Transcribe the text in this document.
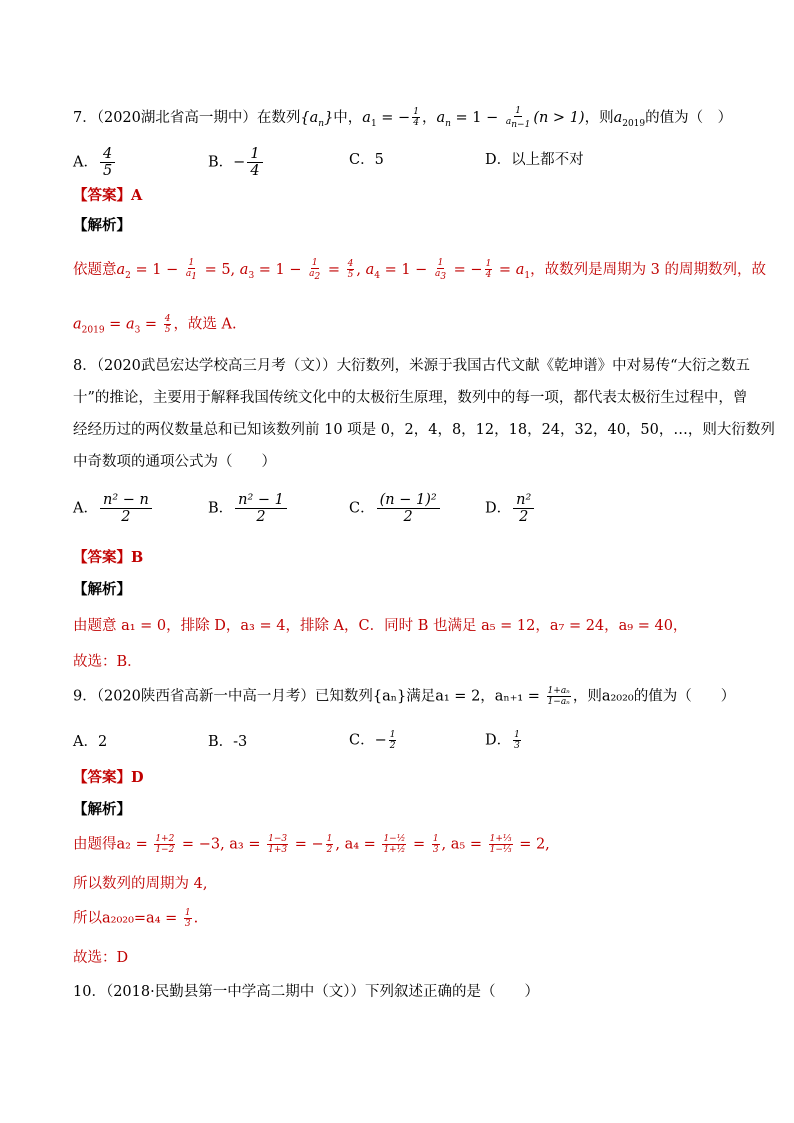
7．（2020湖北省高一期中）在数列$\{a_n\}$中，$a_1$ = − $\frac{1}{4}$ ，$a_n = 1 - \frac{1}{a_{n-1}} (n > 1)$，则$a_{2019}$的值为（　）
A． $\frac{4}{5}$	B．− $\frac{1}{4}$	C．5	D．以上都不对
【答案】A
【解析】
依题意$a_2 = 1 - \frac{1}{a_1} = 5$, $a_3 = 1 - \frac{1}{a_2} = \frac{4}{5}$ , $a_4 = 1 - \frac{1}{a_3}$ = − $\frac{1}{4} = a_1$，故数列是周期为 3 的周期数列，故
$a_{2019} = a_3 = \frac{4}{5}$ ，故选 A.
8．（2020武邑宏达学校高三月考（文））大衍数列，米源于我国古代文献《乾坤谱》中对易传“大衍之数五
十”的推论，主要用于解释我国传统文化中的太极衍生原理，数列中的每一项，都代表太极衍生过程中，曾
经经历过的两仪数量总和已知该数列前 10 项是 0，2，4，8，12，18，24，32，40，50，…，则大衍数列
中奇数项的通项公式为（　　）
A． $\frac{\text{n² − n}}{2}$	B． $\frac{\text{n² − 1}}{2}$	C． $\frac{\text{(n − 1)²}}{2}$	D． $\frac{\text{n²}}{2}$
【答案】B
【解析】
由题意 a₁ = 0，排除 D，a₃ = 4，排除 A，C．同时 B 也满足 a₅ = 12，a₇ = 24，a₉ = 40，
故选：B．
9．（2020陕西省高新一中高一月考）已知数列{aₙ}满足a₁ = 2，$a_{n+1} = \frac{\text{1+aₙ}}{\text{1−aₙ}}$ ，则a₂₀₂₀的值为（　　）
A．2	B．-3	C．− $\frac{1}{2}$	D． $\frac{1}{3}$
【答案】D
【解析】
由题得$a_2 = \frac{1+2}{1-2} = -3$, $a_3 = \frac{1-3}{1+3}$ = − $\frac{1}{2}$ , $a_4 = \frac{\text{1−½}}{\text{1+½}} = \frac{1}{3}$ , $a_5 = \frac{\text{1+⅓}}{\text{1−⅓}} = 2$,
所以数列的周期为 4,
所以$a_{2020}=a_4 = \frac{1}{3}$ .
故选：D
10．（2018·民勤县第一中学高二期中（文））下列叙述正确的是（　　）
